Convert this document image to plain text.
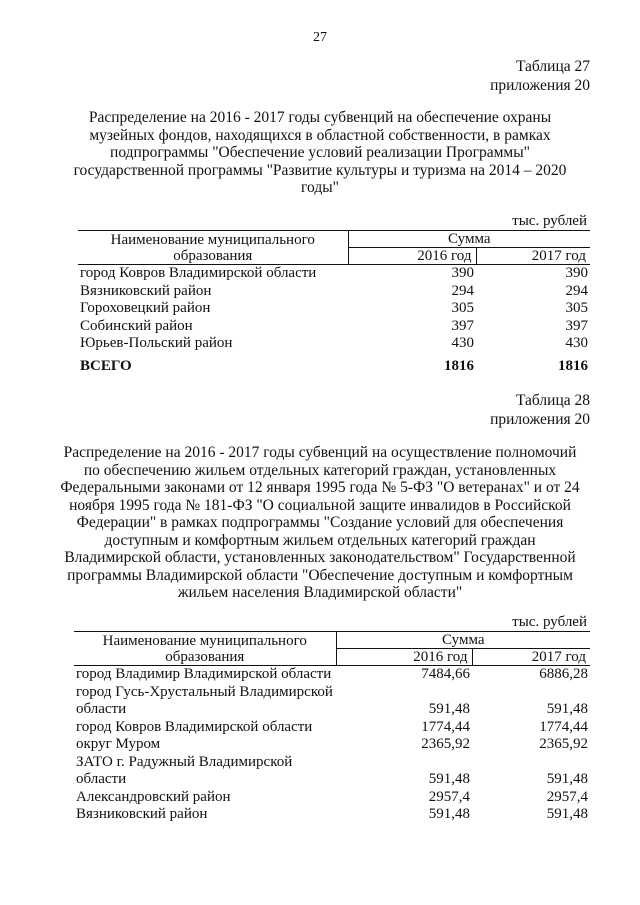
27
Таблица 27
приложения 20
Распределение на 2016 - 2017 годы субвенций на обеспечение охраны
музейных фондов, находящихся в областной собственности, в рамках
подпрограммы "Обеспечение условий реализации Программы"
государственной программы "Развитие культуры и туризма на 2014 – 2020
годы"
тыс. рублей
Наименование муниципального
образования	Сумма	
	2016 год	2017 год
город Ковров Владимирской области	390	390
Вязниковский район	294	294
Гороховецкий район	305	305
Собинский район	397	397
Юрьев-Польский район	430	430
ВСЕГО	1816	1816
Таблица 28
приложения 20
Распределение на 2016 - 2017 годы субвенций на осуществление полномочий
по обеспечению жильем отдельных категорий граждан, установленных
Федеральными законами от 12 января 1995 года № 5-ФЗ "О ветеранах" и от 24
ноября 1995 года № 181-ФЗ "О социальной защите инвалидов в Российской
Федерации" в рамках подпрограммы "Создание условий для обеспечения
доступным и комфортным жильем отдельных категорий граждан
Владимирской области, установленных законодательством" Государственной
программы Владимирской области "Обеспечение доступным и комфортным
жильем населения Владимирской области"
тыс. рублей
Наименование муниципального
образования	Сумма	
	2016 год	2017 год

город Владимир Владимирской области	7484,66	6886,28

город Гусь-Хрустальный Владимирской
области	591,48	591,48

город Ковров Владимирской области	1774,44	1774,44

округ Муром	2365,92	2365,92

ЗАТО г. Радужный Владимирской
области	591,48	591,48

Александровский район	2957,4	2957,4

Вязниковский район	591,48	591,48
